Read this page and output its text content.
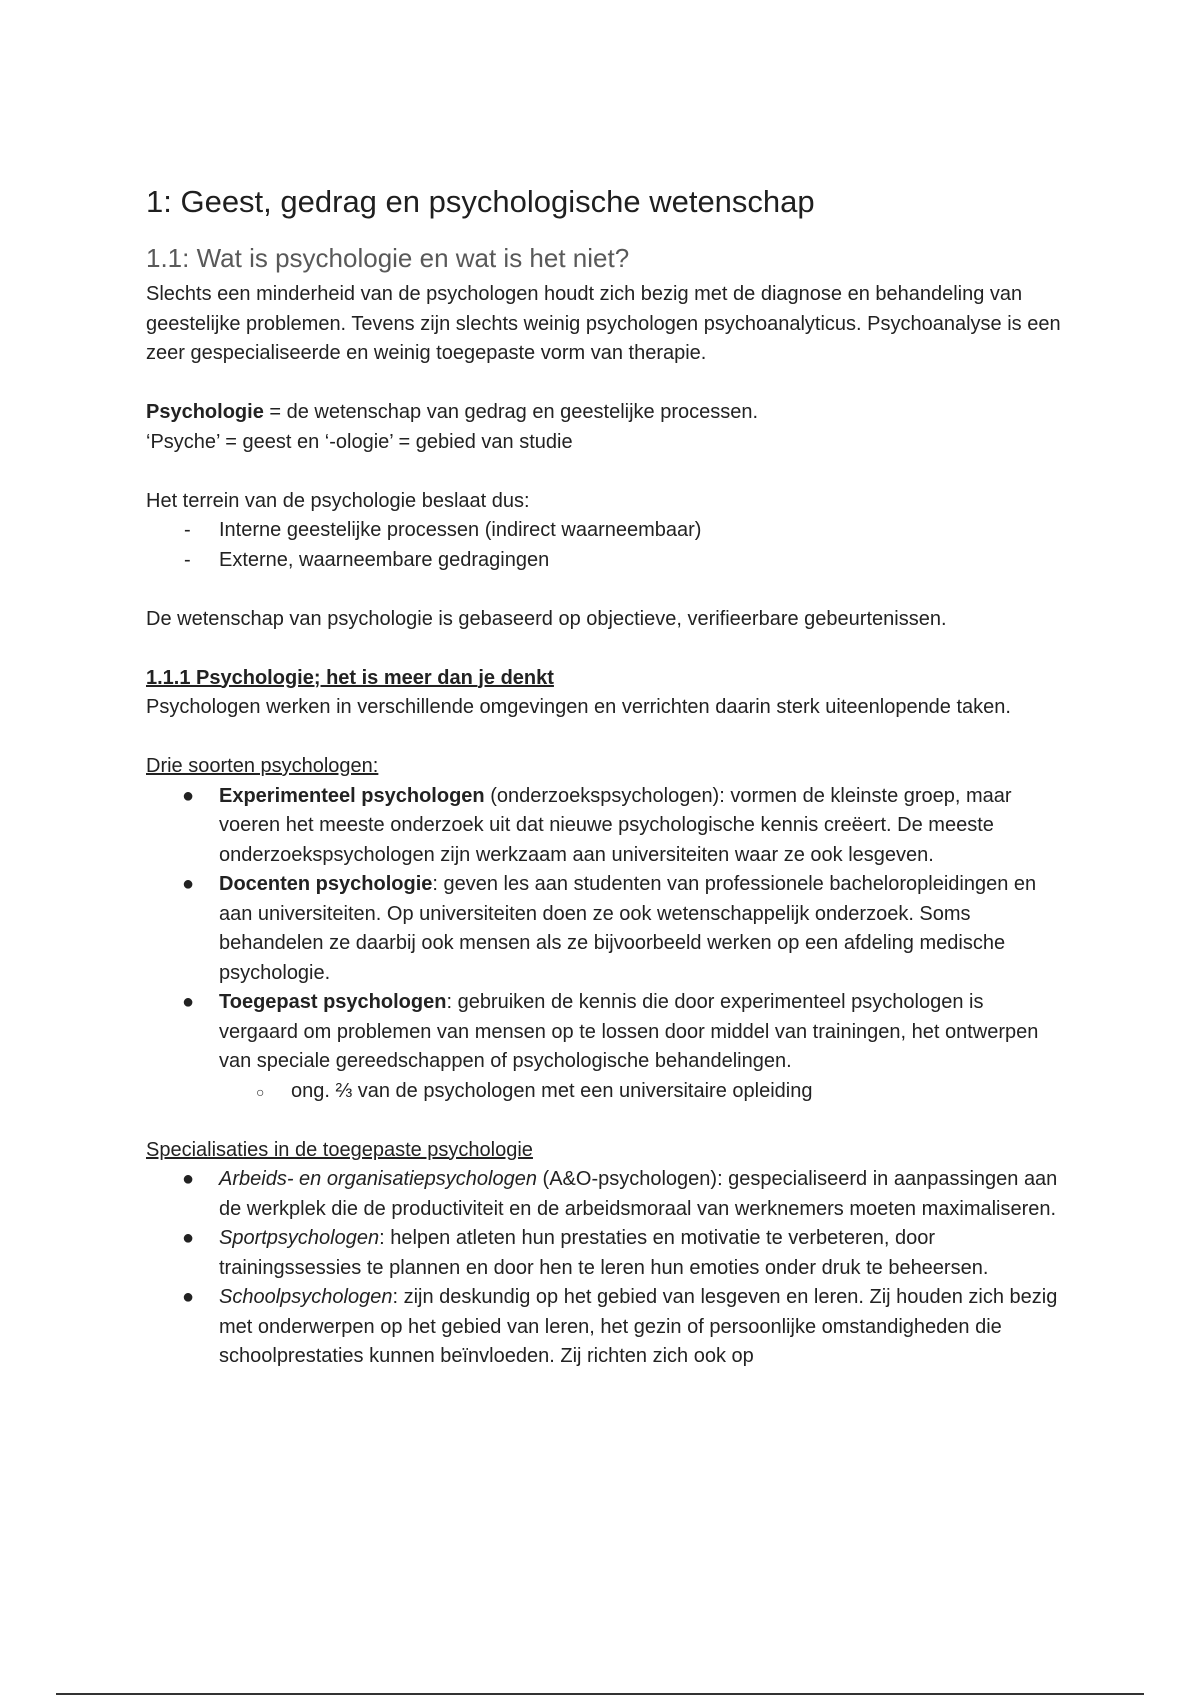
1: Geest, gedrag en psychologische wetenschap
1.1: Wat is psychologie en wat is het niet?

Slechts een minderheid van de psychologen houdt zich bezig met de diagnose en behandeling van geestelijke problemen. Tevens zijn slechts weinig psychologen psychoanalyticus. Psychoanalyse is een zeer gespecialiseerde en weinig toegepaste vorm van therapie.

Psychologie = de wetenschap van gedrag en geestelijke processen.

‘Psyche’ = geest en ‘-ologie’ = gebied van studie

Het terrein van de psychologie beslaat dus:

-	Interne geestelijke processen (indirect waarneembaar)
-	Externe, waarneembare gedragingen

De wetenschap van psychologie is gebaseerd op objectieve, verifieerbare gebeurtenissen.

1.1.1 Psychologie; het is meer dan je denkt

Psychologen werken in verschillende omgevingen en verrichten daarin sterk uiteenlopende taken.

Drie soorten psychologen:

●	Experimenteel psychologen (onderzoekspsychologen): vormen de kleinste groep, maar voeren het meeste onderzoek uit dat nieuwe psychologische kennis creëert. De meeste onderzoekspsychologen zijn werkzaam aan universiteiten waar ze ook lesgeven.
●	Docenten psychologie: geven les aan studenten van professionele bacheloropleidingen en aan universiteiten. Op universiteiten doen ze ook wetenschappelijk onderzoek. Soms behandelen ze daarbij ook mensen als ze bijvoorbeeld werken op een afdeling medische psychologie.
●	Toegepast psychologen: gebruiken de kennis die door experimenteel psychologen is vergaard om problemen van mensen op te lossen door middel van trainingen, het ontwerpen van speciale gereedschappen of psychologische behandelingen.
○	ong. ⅔ van de psychologen met een universitaire opleiding

Specialisaties in de toegepaste psychologie

●	Arbeids- en organisatiepsychologen (A&O-psychologen): gespecialiseerd in aanpassingen aan de werkplek die de productiviteit en de arbeidsmoraal van werknemers moeten maximaliseren.
●	Sportpsychologen: helpen atleten hun prestaties en motivatie te verbeteren, door trainingssessies te plannen en door hen te leren hun emoties onder druk te beheersen.
●	Schoolpsychologen: zijn deskundig op het gebied van lesgeven en leren. Zij houden zich bezig met onderwerpen op het gebied van leren, het gezin of persoonlijke omstandigheden die schoolprestaties kunnen beïnvloeden. Zij richten zich ook op
